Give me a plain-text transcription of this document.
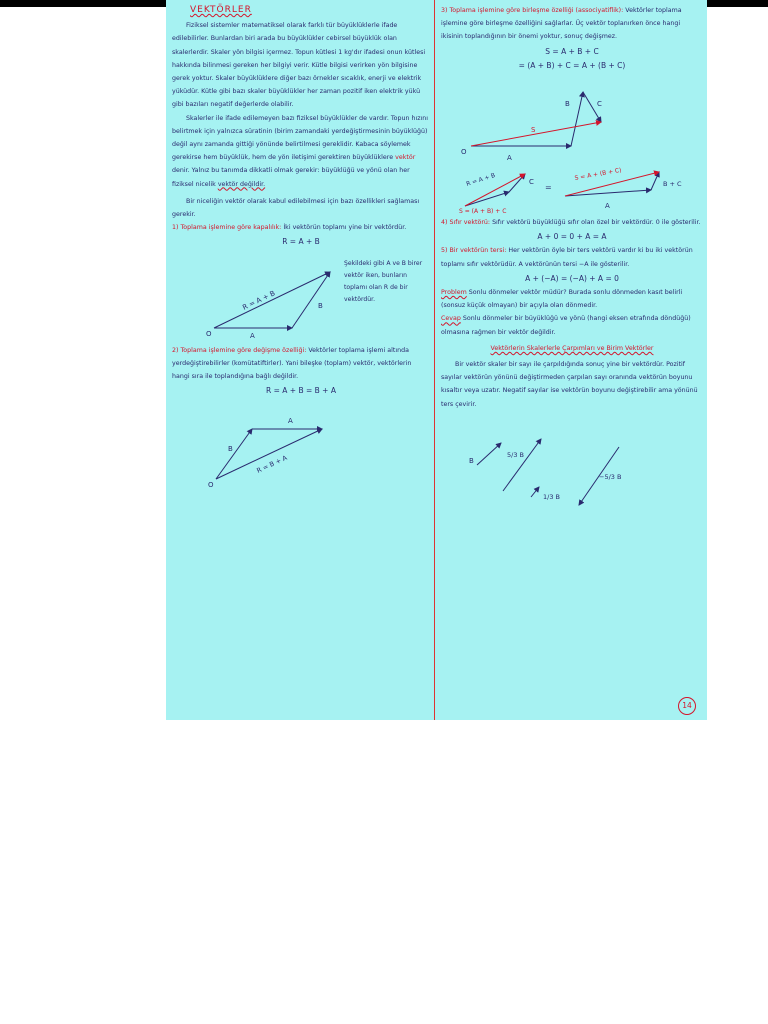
VEKTÖRLER

Fiziksel sistemler matematiksel olarak farklı tür büyüklüklerle ifade edilebilirler. Bunlardan biri arada bu büyüklükler cebirsel büyüklük olan skalerlerdir. Skaler yön bilgisi içermez. Topun kütlesi 1 kg'dır ifadesi onun kütlesi hakkında bilinmesi gereken her bilgiyi verir. Kütle bilgisi verirken yön bilgisine gerek yoktur. Skaler büyüklüklere diğer bazı örnekler sıcaklık, enerji ve elektrik yüküdür. Kütle gibi bazı skaler büyüklükler her zaman pozitif iken elektrik yükü gibi bazıları negatif değerlerde olabilir.

Skalerler ile ifade edilemeyen bazı fiziksel büyüklükler de vardır. Topun hızını belirtmek için yalnızca süratinin (birim zamandaki yerdeğiştirmesinin büyüklüğü) değil aynı zamanda gittiği yönünde belirtilmesi gereklidir. Kabaca söylemek gerekirse hem büyüklük, hem de yön iletişimi gerektiren büyüklüklere vektör denir. Yalnız bu tanımda dikkatli olmak gerekir: büyüklüğü ve yönü olan her fiziksel nicelik vektör değildir.

Bir niceliğin vektör olarak kabul edilebilmesi için bazı özellikleri sağlaması gerekir.

1) Toplama işlemine göre kapalılık: İki vektörün toplamı yine bir vektördür.

R = A + B
R = A + B	B
A
O
Şekildeki gibi A ve B birer vektör iken, bunların toplamı olan R de bir vektördür.

2) Toplama işlemine göre değişme özelliği: Vektörler toplama işlemi altında yerdeğiştirebilirler (komütatiftirler). Yani bileşke (toplam) vektör, vektörlerin hangi sıra ile toplandığına bağlı değildir.

R = A + B = B + A
A
B
R = B + A
O

3) Toplama işlemine göre birleşme özelliği (associyatiflik): Vektörler toplama işlemine göre birleşme özelliğini sağlarlar. Üç vektör toplanırken önce hangi ikisinin toplandığının bir önemi yoktur, sonuç değişmez.

S = A + B + C
= (A + B) + C = A + (B + C)
S
B	C
A
O
R = A + B	C
=
S = A + (B + C)
B + C
S = (A + B) + C
A

4) Sıfır vektörü: Sıfır vektörü büyüklüğü sıfır olan özel bir vektördür. 0 ile gösterilir.

A + 0 = 0 + A = A

5) Bir vektörün tersi: Her vektörün öyle bir ters vektörü vardır ki bu iki vektörün toplamı sıfır vektörüdür. A vektörünün tersi −A ile gösterilir.

A + (−A) = (−A) + A = 0

Problem Sonlu dönmeler vektör müdür? Burada sonlu dönmeden kasıt belirli (sonsuz küçük olmayan) bir açıyla olan dönmedir.

Cevap Sonlu dönmeler bir büyüklüğü ve yönü (hangi eksen etrafında döndüğü) olmasına rağmen bir vektör değildir.

Vektörlerin Skalerlerle Çarpımları ve Birim Vektörler

Bir vektör skaler bir sayı ile çarpıldığında sonuç yine bir vektördür. Pozitif sayılar vektörün yönünü değiştirmeden çarpılan sayı oranında vektörün boyunu kısaltır veya uzatır. Negatif sayılar ise vektörün boyunu değiştirebilir ama yönünü ters çevirir.

B
5/3 B
1/3 B
−5/3 B
14
